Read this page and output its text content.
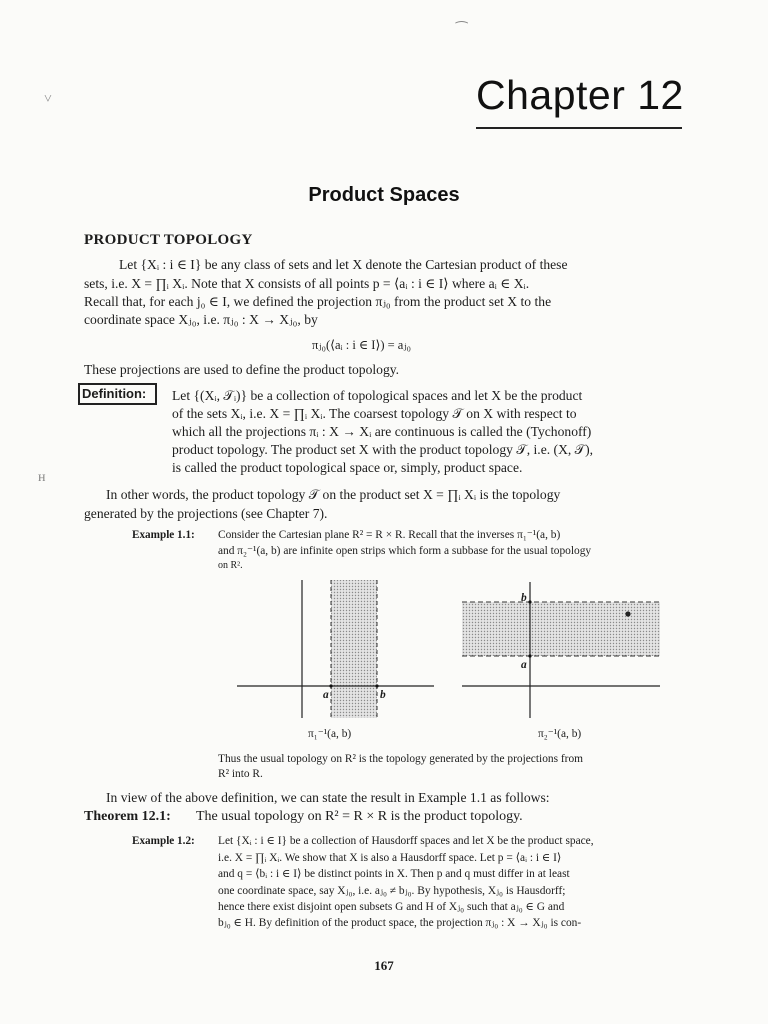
˅
⁀
ʜ
Chapter 12
Product Spaces
PRODUCT TOPOLOGY
Let {Xᵢ : i ∈ I} be any class of sets and let X denote the Cartesian product of these
sets, i.e. X = ∏ᵢ Xᵢ. Note that X consists of all points p = ⟨aᵢ : i ∈ I⟩ where aᵢ ∈ Xᵢ.
Recall that, for each j₀ ∈ I, we defined the projection πⱼ₀ from the product set X to the
coordinate space Xⱼ₀, i.e. πⱼ₀ : X → Xⱼ₀, by
πⱼ₀(⟨aᵢ : i ∈ I⟩) = aⱼ₀
These projections are used to define the product topology.
Definition: Let {(Xᵢ, 𝒯ᵢ)} be a collection of topological spaces and let X be the product
of the sets Xᵢ, i.e. X = ∏ᵢ Xᵢ. The coarsest topology 𝒯 on X with respect to
which all the projections πᵢ : X → Xᵢ are continuous is called the (Tychonoff)
product topology. The product set X with the product topology 𝒯, i.e. (X, 𝒯),
is called the product topological space or, simply, product space.
In other words, the product topology 𝒯 on the product set X = ∏ᵢ Xᵢ is the topology
generated by the projections (see Chapter 7).
Example 1.1: Consider the Cartesian plane R² = R × R. Recall that the inverses π₁⁻¹(a, b)
and π₂⁻¹(a, b) are infinite open strips which form a subbase for the usual topology
on R².
a	b
b
a
π₁⁻¹(a, b)	π₂⁻¹(a, b)
Thus the usual topology on R² is the topology generated by the projections from
R² into R.
In view of the above definition, we can state the result in Example 1.1 as follows:
Theorem 12.1: The usual topology on R² = R × R is the product topology.
Example 1.2: Let {Xᵢ : i ∈ I} be a collection of Hausdorff spaces and let X be the product space,
i.e. X = ∏ᵢ Xᵢ. We show that X is also a Hausdorff space. Let p = ⟨aᵢ : i ∈ I⟩
and q = ⟨bᵢ : i ∈ I⟩ be distinct points in X. Then p and q must differ in at least
one coordinate space, say Xⱼ₀, i.e. aⱼ₀ ≠ bⱼ₀. By hypothesis, Xⱼ₀ is Hausdorff;
hence there exist disjoint open subsets G and H of Xⱼ₀ such that aⱼ₀ ∈ G and
bⱼ₀ ∈ H. By definition of the product space, the projection πⱼ₀ : X → Xⱼ₀ is con-
167
